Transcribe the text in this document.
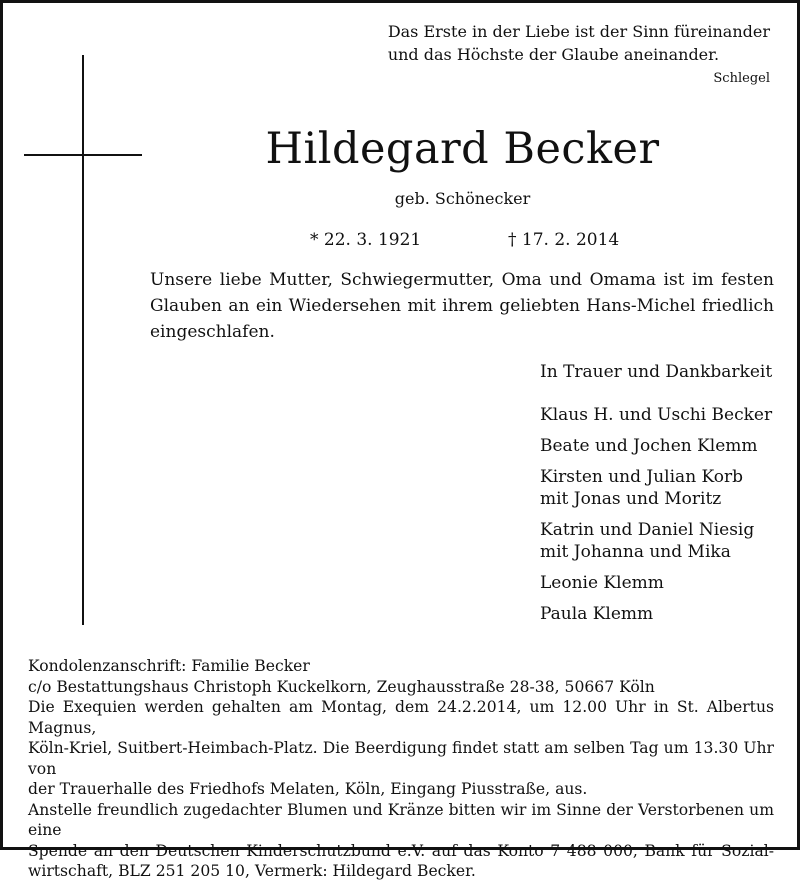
Das Erste in der Liebe ist der Sinn füreinander
und das Höchste der Glaube aneinander.
Schlegel
Hildegard Becker
geb. Schönecker
* 22. 3. 1921	† 17. 2. 2014
Unsere liebe Mutter, Schwiegermutter, Oma und Omama ist im festen Glauben an ein Wiedersehen mit ihrem geliebten Hans-Michel friedlich eingeschlafen.
In Trauer und Dankbarkeit
Klaus H. und Uschi Becker
Beate und Jochen Klemm
Kirsten und Julian Korb
mit Jonas und Moritz
Katrin und Daniel Niesig
mit Johanna und Mika
Leonie Klemm
Paula Klemm
Kondolenzanschrift: Familie Becker
c/o Bestattungshaus Christoph Kuckelkorn, Zeughausstraße 28-38, 50667 Köln
Die Exequien werden gehalten am Montag, dem 24.2.2014, um 12.00 Uhr in St. Albertus Magnus,
Köln-Kriel, Suitbert-Heimbach-Platz. Die Beerdigung findet statt am selben Tag um 13.30 Uhr von
der Trauerhalle des Friedhofs Melaten, Köln, Eingang Piusstraße, aus.
Anstelle freundlich zugedachter Blumen und Kränze bitten wir im Sinne der Verstorbenen um eine
Spende an den Deutschen Kinderschutzbund e.V. auf das Konto 7 488 000, Bank für Sozial-
wirtschaft, BLZ 251 205 10, Vermerk: Hildegard Becker.
